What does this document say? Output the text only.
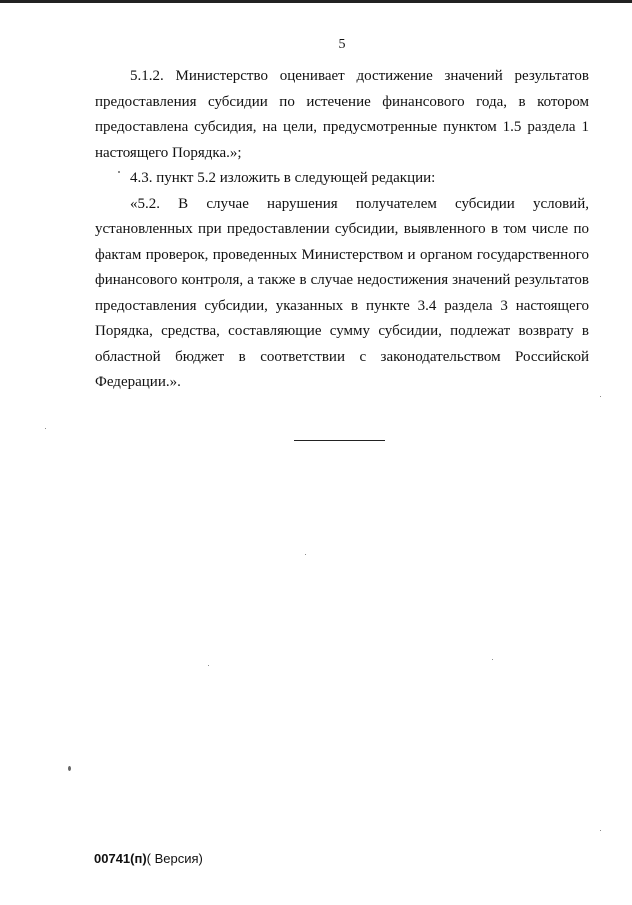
5

5.1.2. Министерство оценивает достижение значений результатов предоставления субсидии по истечение финансового года, в котором предоставлена субсидия, на цели, предусмотренные пунктом 1.5 раздела 1 настоящего Порядка.»;

4.3. пункт 5.2 изложить в следующей редакции:

«5.2. В случае нарушения получателем субсидии условий, установленных при предоставлении субсидии, выявленного в том числе по фактам проверок, проведенных Министерством и органом государственного финансового контроля, а также в случае недостижения значений результатов предоставления субсидии, указанных в пункте 3.4 раздела 3 настоящего Порядка, средства, составляющие сумму субсидии, подлежат возврату в областной бюджет в соответствии с законодательством Российской Федерации.».

00741(п)( Версия)
